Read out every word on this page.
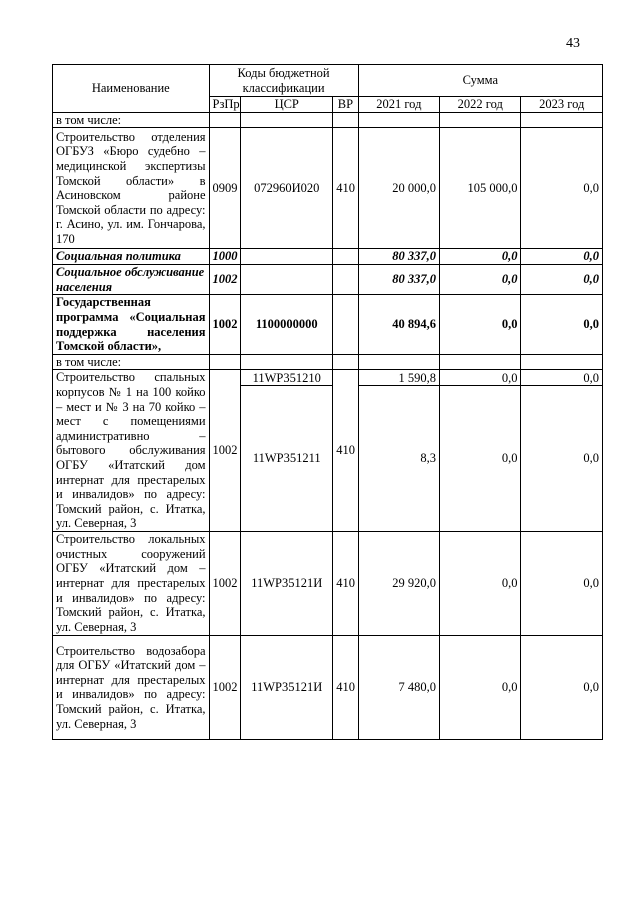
43
Наименование	Коды бюджетной классификации			Сумма		
	РзПр	ЦСР	ВР	2021 год	2022 год	2023 год
в том числе:						
Строительство отделения ОГБУЗ «Бюро судебно – медицинской экспертизы Томской области» в Асиновском районе Томской области по адресу: г. Асино, ул. им. Гончарова, 170	0909	072960И020	410	20 000,0	105 000,0	0,0
Социальная политика	1000			80 337,0	0,0	0,0
Социальное обслуживание населения	1002			80 337,0	0,0	0,0
Государственная программа «Социальная поддержка населения Томской области»,	1002	1100000000		40 894,6	0,0	0,0
в том числе:						
Строительство спальных корпусов № 1 на 100 койко – мест и № 3 на 70 койко – мест с помещениями административно – бытового обслуживания ОГБУ «Итатский дом интернат для престарелых и инвалидов» по адресу: Томский район, с. Итатка, ул. Северная, 3	1002	11WP351210	410	1 590,8	0,0	0,0
		11WP351211		8,3	0,0	0,0
Строительство локальных очистных сооружений ОГБУ «Итатский дом – интернат для престарелых и инвалидов» по адресу: Томский район, с. Итатка, ул. Северная, 3	1002	11WP35121И	410	29 920,0	0,0	0,0
Строительство водозабора для ОГБУ «Итатский дом – интернат для престарелых и инвалидов» по адресу: Томский район, с. Итатка, ул. Северная, 3	1002	11WP35121И	410	7 480,0	0,0	0,0
